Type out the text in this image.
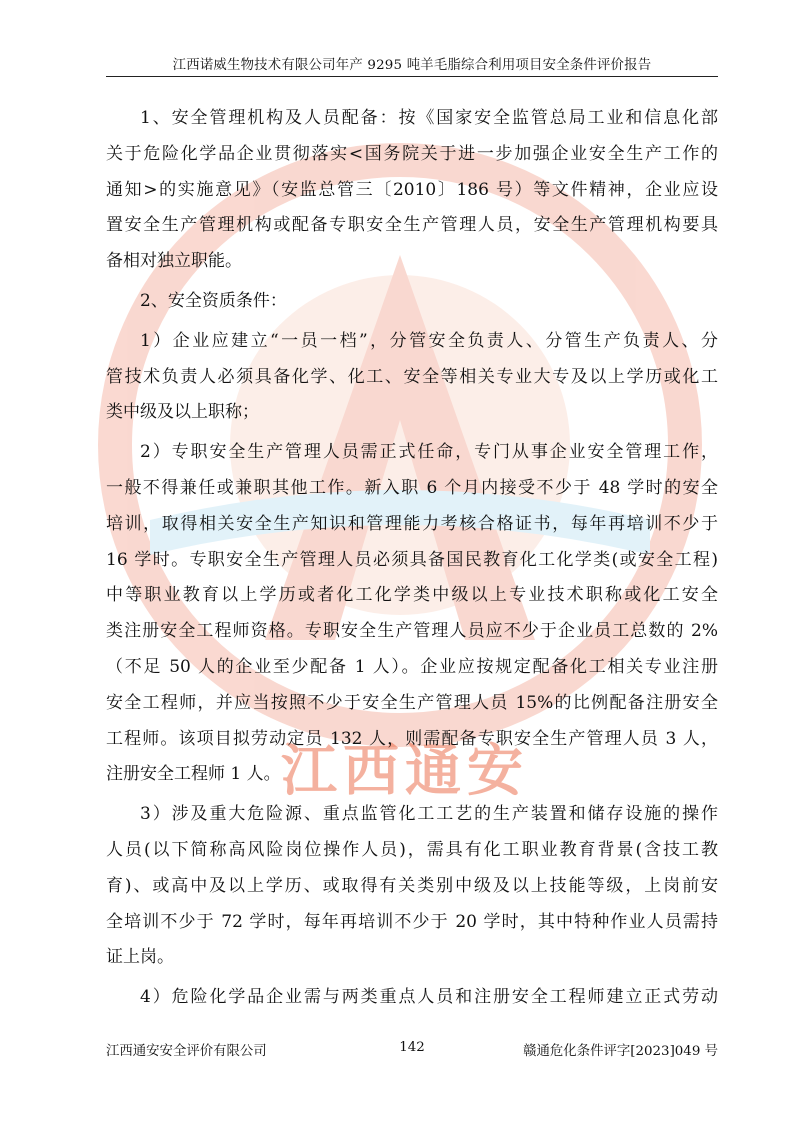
江西诺威生物技术有限公司年产 9295 吨羊毛脂综合利用项目安全条件评价报告
江西通安

1、安全管理机构及人员配备：按《国家安全监管总局工业和信息化部
关于危险化学品企业贯彻落实<国务院关于进一步加强企业安全生产工作的
通知>的实施意见》（安监总管三〔2010〕186 号）等文件精神，企业应设
置安全生产管理机构或配备专职安全生产管理人员，安全生产管理机构要具
备相对独立职能。

2、安全资质条件：

1）企业应建立“一员一档”，分管安全负责人、分管生产负责人、分
管技术负责人必须具备化学、化工、安全等相关专业大专及以上学历或化工
类中级及以上职称；

2）专职安全生产管理人员需正式任命，专门从事企业安全管理工作，
一般不得兼任或兼职其他工作。新入职 6 个月内接受不少于 48 学时的安全
培训，取得相关安全生产知识和管理能力考核合格证书，每年再培训不少于
16 学时。专职安全生产管理人员必须具备国民教育化工化学类(或安全工程)
中等职业教育以上学历或者化工化学类中级以上专业技术职称或化工安全
类注册安全工程师资格。专职安全生产管理人员应不少于企业员工总数的 2%
（不足 50 人的企业至少配备 1 人）。企业应按规定配备化工相关专业注册
安全工程师，并应当按照不少于安全生产管理人员 15%的比例配备注册安全
工程师。该项目拟劳动定员 132 人，则需配备专职安全生产管理人员 3 人，
注册安全工程师 1 人。

3）涉及重大危险源、重点监管化工工艺的生产装置和储存设施的操作
人员(以下简称高风险岗位操作人员)，需具有化工职业教育背景(含技工教
育)、或高中及以上学历、或取得有关类别中级及以上技能等级，上岗前安
全培训不少于 72 学时，每年再培训不少于 20 学时，其中特种作业人员需持
证上岗。

4）危险化学品企业需与两类重点人员和注册安全工程师建立正式劳动

江西通安安全评价有限公司	142	赣通危化条件评字[2023]049 号
